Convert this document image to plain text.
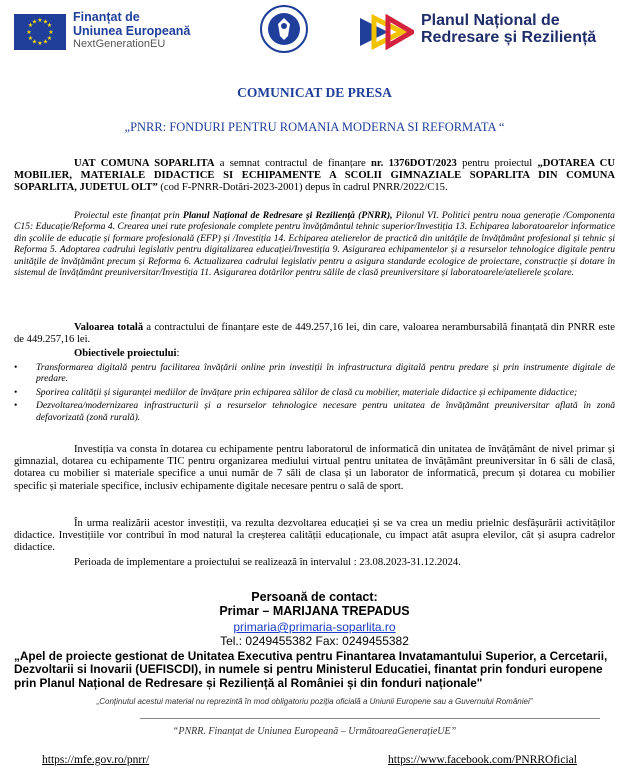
★ ★
★
★
★
★
★
★
★
★
★
★	Finanțat de
Uniunea Europeană
NextGenerationEU
Planul Național de
Redresare și Reziliență
COMUNICAT DE PRESA
„PNRR: FONDURI PENTRU ROMANIA MODERNA SI REFORMATA “

UAT COMUNA SOPARLITA a semnat contractul de finanțare nr. 1376DOT/2023 pentru proiectul „DOTAREA CU MOBILIER, MATERIALE DIDACTICE SI ECHIPAMENTE A SCOLII GIMNAZIALE SOPARLITA DIN COMUNA SOPARLITA, JUDETUL OLT” (cod F-PNRR-Dotări-2023-2001) depus în cadrul PNRR/2022/C15.

Proiectul este finanțat prin Planul Național de Redresare și Reziliență (PNRR), Pilonul VI. Politici pentru noua generație /Componenta C15: Educație/Reforma 4. Crearea unei rute profesionale complete pentru învățământul tehnic superior/Investiția 13. Echiparea laboratoarelor informatice din școlile de educație și formare profesională (EFP) și /Investiția 14. Echiparea atelierelor de practică din unitățile de învățământ profesional și tehnic și Reforma 5. Adoptarea cadrului legislativ pentru digitalizarea educației/Investiția 9. Asigurarea echipamentelor și a resurselor tehnologice digitale pentru unitățile de învățământ precum și Reforma 6. Actualizarea cadrului legislativ pentru a asigura standarde ecologice de proiectare, construcție și dotare în sistemul de învățământ preuniversitar/Investiția 11. Asigurarea dotărilor pentru sălile de clasă preuniversitare și laboratoarele/atelierele școlare.

Valoarea totală a contractului de finanțare este de 449.257,16 lei, din care, valoarea nerambursabilă finanțată din PNRR este de 449.257,16 lei.

Obiectivele proiectului:

•	Transformarea digitală pentru facilitarea învățării online prin investiții în infrastructura digitală pentru predare și prin instrumente digitale de predare.
•	Sporirea calității și siguranței mediilor de învățare prin echiparea sălilor de clasă cu mobilier, materiale didactice și echipamente didactice;
•	Dezvoltarea/modernizarea infrastructurii și a resurselor tehnologice necesare pentru unitatea de învățământ preuniversitar aflată în zonă defavorizată (zonă rurală).

Investiția va consta în dotarea cu echipamente pentru laboratorul de informatică din unitatea de învățământ de nivel primar și gimnazial, dotarea cu echipamente TIC pentru organizarea mediului virtual pentru unitatea de învățământ preuniversitar în 6 săli de clasă, dotarea cu mobilier si materiale specifice a unui număr de 7 săli de clasa și un laborator de informatică, precum și dotarea cu mobilier specific și materiale specifice, inclusiv echipamente digitale necesare pentru o sală de sport.

În urma realizării acestor investiții, va rezulta dezvoltarea educației și se va crea un mediu prielnic desfășurării activităților didactice. Investițiile vor contribui în mod natural la creșterea calității educaționale, cu impact atât asupra elevilor, cât și asupra cadrelor didactice.

Perioada de implementare a proiectului se realizează în intervalul : 23.08.2023-31.12.2024.

Persoană de contact:
Primar – MARIJANA TREPADUS
primaria@primaria-soparlita.ro
Tel.: 0249455382 Fax: 0249455382
„Apel de proiecte gestionat de Unitatea Executiva pentru Finantarea Invatamantului Superior, a Cercetarii, Dezvoltarii si Inovarii (UEFISCDI), in numele si pentru Ministerul Educatiei, finantat prin fonduri europene prin Planul Național de Redresare și Reziliență al României și din fonduri naționale"
„Conținutul acestui material nu reprezintă în mod obligatoriu poziția oficială a Uniunii Europene sau a Guvernului României”
“PNRR. Finanțat de Uniunea Europeană – UrmătoareaGenerațieUE”
https://mfe.gov.ro/pnrr/	https://www.facebook.com/PNRROficial
